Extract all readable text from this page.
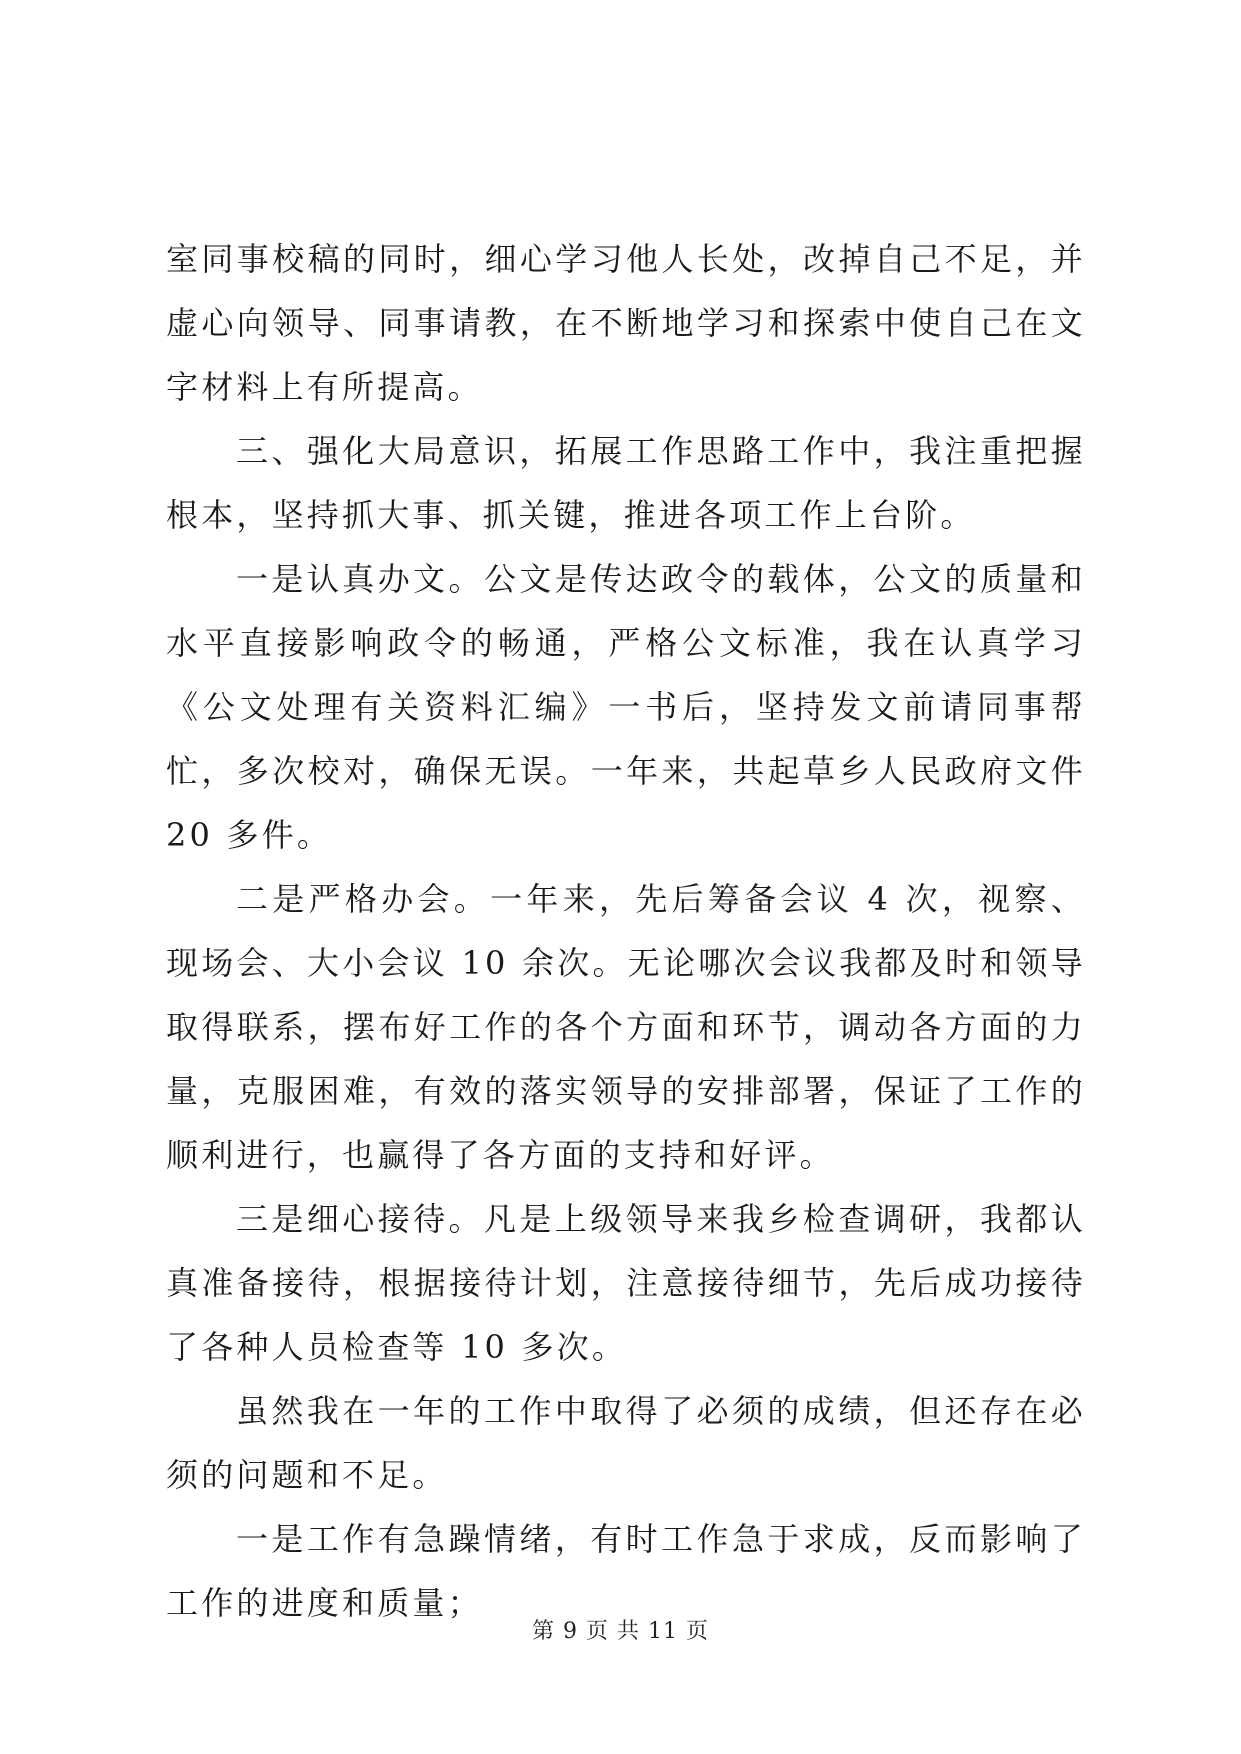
室同事校稿的同时，细心学习他人长处，改掉自己不足，并虚心向领导、同事请教，在不断地学习和探索中使自己在文字材料上有所提高。

三、强化大局意识，拓展工作思路工作中，我注重把握根本，坚持抓大事、抓关键，推进各项工作上台阶。

一是认真办文。公文是传达政令的载体，公文的质量和水平直接影响政令的畅通，严格公文标准，我在认真学习《公文处理有关资料汇编》一书后，坚持发文前请同事帮忙，多次校对，确保无误。一年来，共起草乡人民政府文件 20 多件。

二是严格办会。一年来，先后筹备会议 4 次，视察、现场会、大小会议 10 余次。无论哪次会议我都及时和领导取得联系，摆布好工作的各个方面和环节，调动各方面的力量，克服困难，有效的落实领导的安排部署，保证了工作的顺利进行，也赢得了各方面的支持和好评。

三是细心接待。凡是上级领导来我乡检查调研，我都认真准备接待，根据接待计划，注意接待细节，先后成功接待了各种人员检查等 10 多次。

虽然我在一年的工作中取得了必须的成绩，但还存在必须的问题和不足。

一是工作有急躁情绪，有时工作急于求成，反而影响了工作的进度和质量；

第 9 页 共 11 页
